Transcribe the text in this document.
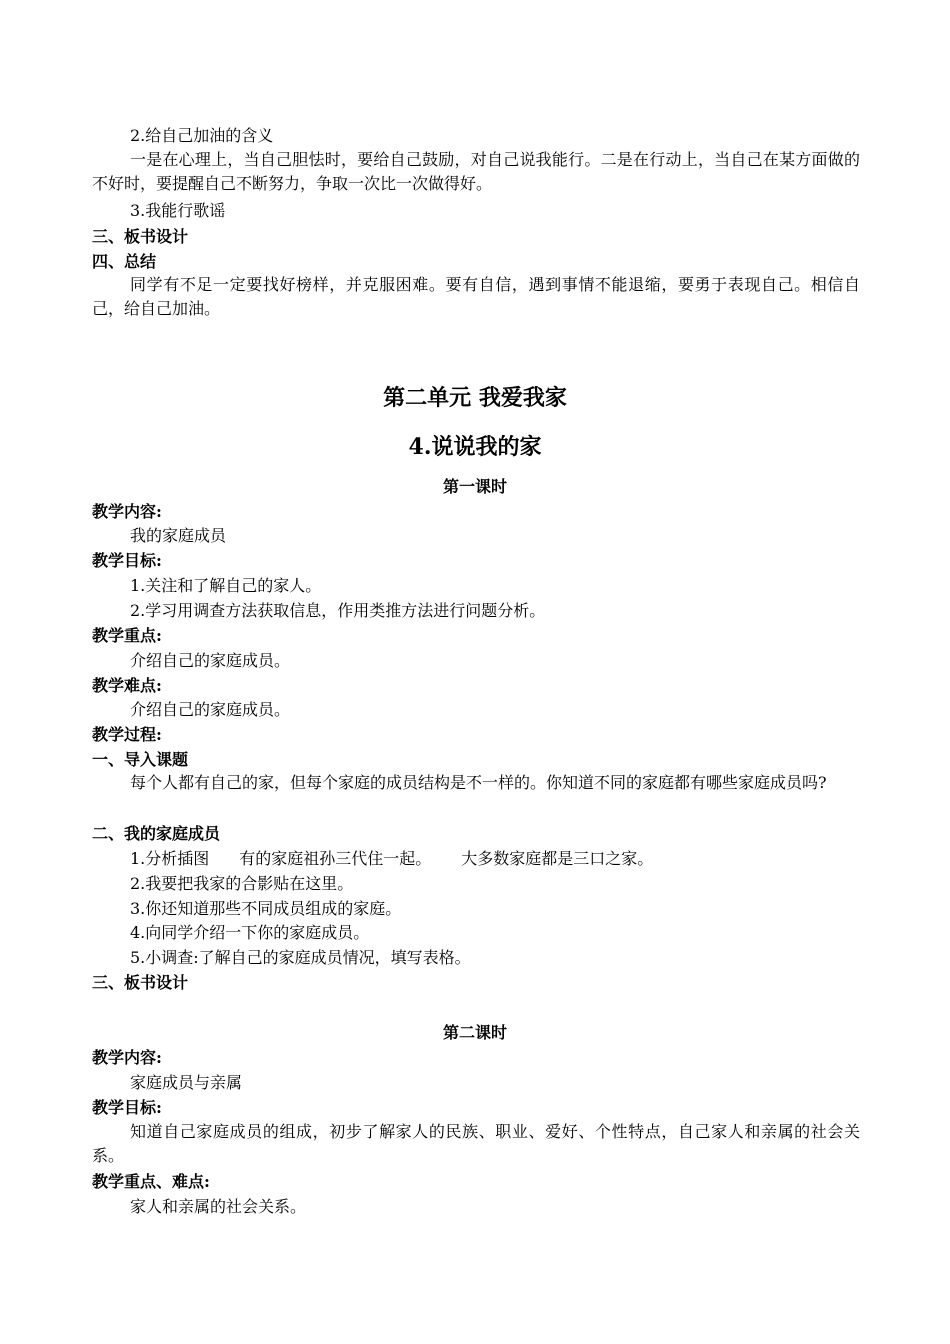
2.给自己加油的含义
一是在心理上，当自己胆怯时，要给自己鼓励，对自己说我能行。二是在行动上，当自己在某方面做的不好时，要提醒自己不断努力，争取一次比一次做得好。
3.我能行歌谣
三、板书设计
四、总结
同学有不足一定要找好榜样，并克服困难。要有自信，遇到事情不能退缩，要勇于表现自己。相信自己，给自己加油。
第二单元 我爱我家
4.说说我的家
第一课时
教学内容:
我的家庭成员
教学目标:
1.关注和了解自己的家人。
2.学习用调查方法获取信息，作用类推方法进行问题分析。
教学重点:
介绍自己的家庭成员。
教学难点:
介绍自己的家庭成员。
教学过程:
一、导入课题
每个人都有自己的家，但每个家庭的成员结构是不一样的。你知道不同的家庭都有哪些家庭成员吗?
二、我的家庭成员
1.分析插图 有的家庭祖孙三代住一起。 大多数家庭都是三口之家。
2.我要把我家的合影贴在这里。
3.你还知道那些不同成员组成的家庭。
4.向同学介绍一下你的家庭成员。
5.小调查:了解自己的家庭成员情况，填写表格。
三、板书设计
第二课时
教学内容:
家庭成员与亲属
教学目标:
知道自己家庭成员的组成，初步了解家人的民族、职业、爱好、个性特点，自己家人和亲属的社会关系。
教学重点、难点:
家人和亲属的社会关系。
